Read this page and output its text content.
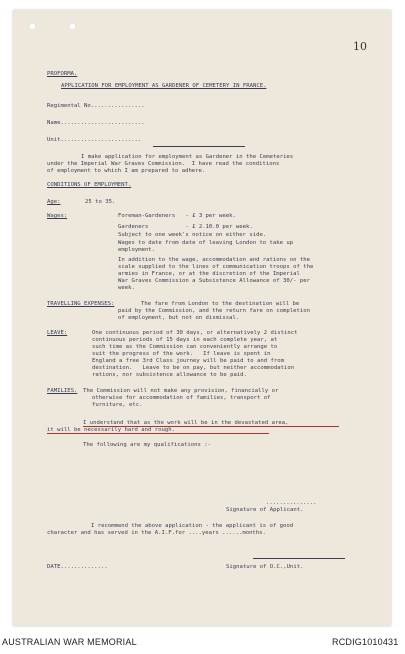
10
PROFORMA.
APPLICATION FOR EMPLOYMENT AS GARDENER OF CEMETERY IN FRANCE.
Regimental No................
Name.........................
Unit........................
I make application for employment as Gardener in the Cemeteries
under the Imperial War Graves Commission.  I have read the conditions
of employment to which I am prepared to adhere.
CONDITIONS OF EMPLOYMENT.
Age:	25 to 35.
Wages:	Foreman-Gardeners   - £ 3 per week.
Gardeners           - £ 2.10.0 per week.
Subject to one week's notice on either side.
Wages to date from date of leaving London to take up
employment.
In addition to the wage, accommodation and rations on the
scale supplied to the lines of communication troops of the
armies in France, or at the discretion of the Imperial
War Graves Commission a Subsistence Allowance of 30/- per
week.
TRAVELLING EXPENSES:	The fare from London to the destination will be
paid by the Commission, and the return fare on completion
of employment, but not on dismissal.
LEAVE:	One continuous period of 30 days, or alternatively 2 distinct
continuous periods of 15 days in each complete year, at
such time as the Commission can conveniently arrange to
suit the progress of the work.   If leave is spent in
England a free 3rd Class journey will be paid to and from
destination.   Leave to be on pay, but neither accommodation
rations, nor subsistence allowance to be paid.
FAMILIES. The Commission will not make any provision, financially or
otherwise for accommodation of families, transport of
furniture, etc.
I understand that as the work will be in the devastated area,
it will be necessarily hard and rough.
The following are my qualifications :-
...............
Signature of Applicant.
I recommend the above application - the applicant is of good
character and has served in the A.I.F.for ....years ......months.
DATE..............	Signature of O.C.,Unit.
AUSTRALIAN WAR MEMORIAL	RCDIG1010431
